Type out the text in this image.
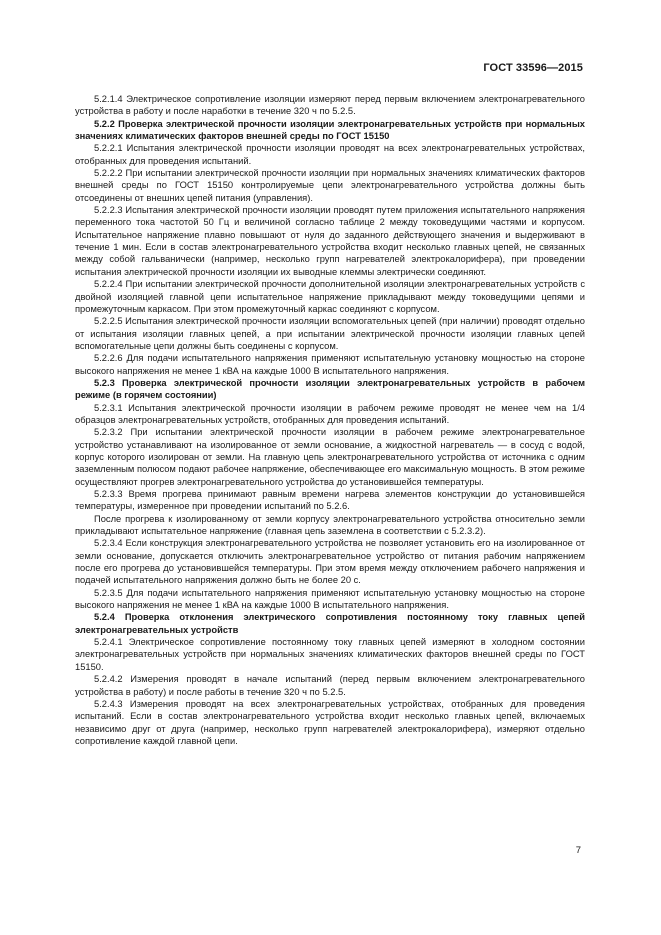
ГОСТ 33596—2015

5.2.1.4 Электрическое сопротивление изоляции измеряют перед первым включением электронагревательного устройства в работу и после наработки в течение 320 ч по 5.2.5.

5.2.2 Проверка электрической прочности изоляции электронагревательных устройств при нормальных значениях климатических факторов внешней среды по ГОСТ 15150

5.2.2.1 Испытания электрической прочности изоляции проводят на всех электронагревательных устройствах, отобранных для проведения испытаний.

5.2.2.2 При испытании электрической прочности изоляции при нормальных значениях климатических факторов внешней среды по ГОСТ 15150 контролируемые цепи электронагревательного устройства должны быть отсоединены от внешних цепей питания (управления).

5.2.2.3 Испытания электрической прочности изоляции проводят путем приложения испытательного напряжения переменного тока частотой 50 Гц и величиной согласно таблице 2 между токоведущими частями и корпусом. Испытательное напряжение плавно повышают от нуля до заданного действующего значения и выдерживают в течение 1 мин. Если в состав электронагревательного устройства входит несколько главных цепей, не связанных между собой гальванически (например, несколько групп нагревателей электрокалорифера), при проведении испытания электрической прочности изоляции их выводные клеммы электрически соединяют.

5.2.2.4 При испытании электрической прочности дополнительной изоляции электронагревательных устройств с двойной изоляцией главной цепи испытательное напряжение прикладывают между токоведущими цепями и промежуточным каркасом. При этом промежуточный каркас соединяют с корпусом.

5.2.2.5 Испытания электрической прочности изоляции вспомогательных цепей (при наличии) проводят отдельно от испытания изоляции главных цепей, а при испытании электрической прочности изоляции главных цепей вспомогательные цепи должны быть соединены с корпусом.

5.2.2.6 Для подачи испытательного напряжения применяют испытательную установку мощностью на стороне высокого напряжения не менее 1 кВА на каждые 1000 В испытательного напряжения.

5.2.3 Проверка электрической прочности изоляции электронагревательных устройств в рабочем режиме (в горячем состоянии)

5.2.3.1 Испытания электрической прочности изоляции в рабочем режиме проводят не менее чем на 1/4 образцов электронагревательных устройств, отобранных для проведения испытаний.

5.2.3.2 При испытании электрической прочности изоляции в рабочем режиме электронагревательное устройство устанавливают на изолированное от земли основание, а жидкостной нагреватель — в сосуд с водой, корпус которого изолирован от земли. На главную цепь электронагревательного устройства от источника с одним заземленным полюсом подают рабочее напряжение, обеспечивающее его максимальную мощность. В этом режиме осуществляют прогрев электронагревательного устройства до установившейся температуры.

5.2.3.3 Время прогрева принимают равным времени нагрева элементов конструкции до установившейся температуры, измеренное при проведении испытаний по 5.2.6.

После прогрева к изолированному от земли корпусу электронагревательного устройства относительно земли прикладывают испытательное напряжение (главная цепь заземлена в соответствии с 5.2.3.2).

5.2.3.4 Если конструкция электронагревательного устройства не позволяет установить его на изолированное от земли основание, допускается отключить электронагревательное устройство от питания рабочим напряжением после его прогрева до установившейся температуры. При этом время между отключением рабочего напряжения и подачей испытательного напряжения должно быть не более 20 с.

5.2.3.5 Для подачи испытательного напряжения применяют испытательную установку мощностью на стороне высокого напряжения не менее 1 кВА на каждые 1000 В испытательного напряжения.

5.2.4 Проверка отклонения электрического сопротивления постоянному току главных цепей электронагревательных устройств

5.2.4.1 Электрическое сопротивление постоянному току главных цепей измеряют в холодном состоянии электронагревательных устройств при нормальных значениях климатических факторов внешней среды по ГОСТ 15150.

5.2.4.2 Измерения проводят в начале испытаний (перед первым включением электронагревательного устройства в работу) и после работы в течение 320 ч по 5.2.5.

5.2.4.3 Измерения проводят на всех электронагревательных устройствах, отобранных для проведения испытаний. Если в состав электронагревательного устройства входит несколько главных цепей, включаемых независимо друг от друга (например, несколько групп нагревателей электрокалорифера), измеряют отдельно сопротивление каждой главной цепи.

7
